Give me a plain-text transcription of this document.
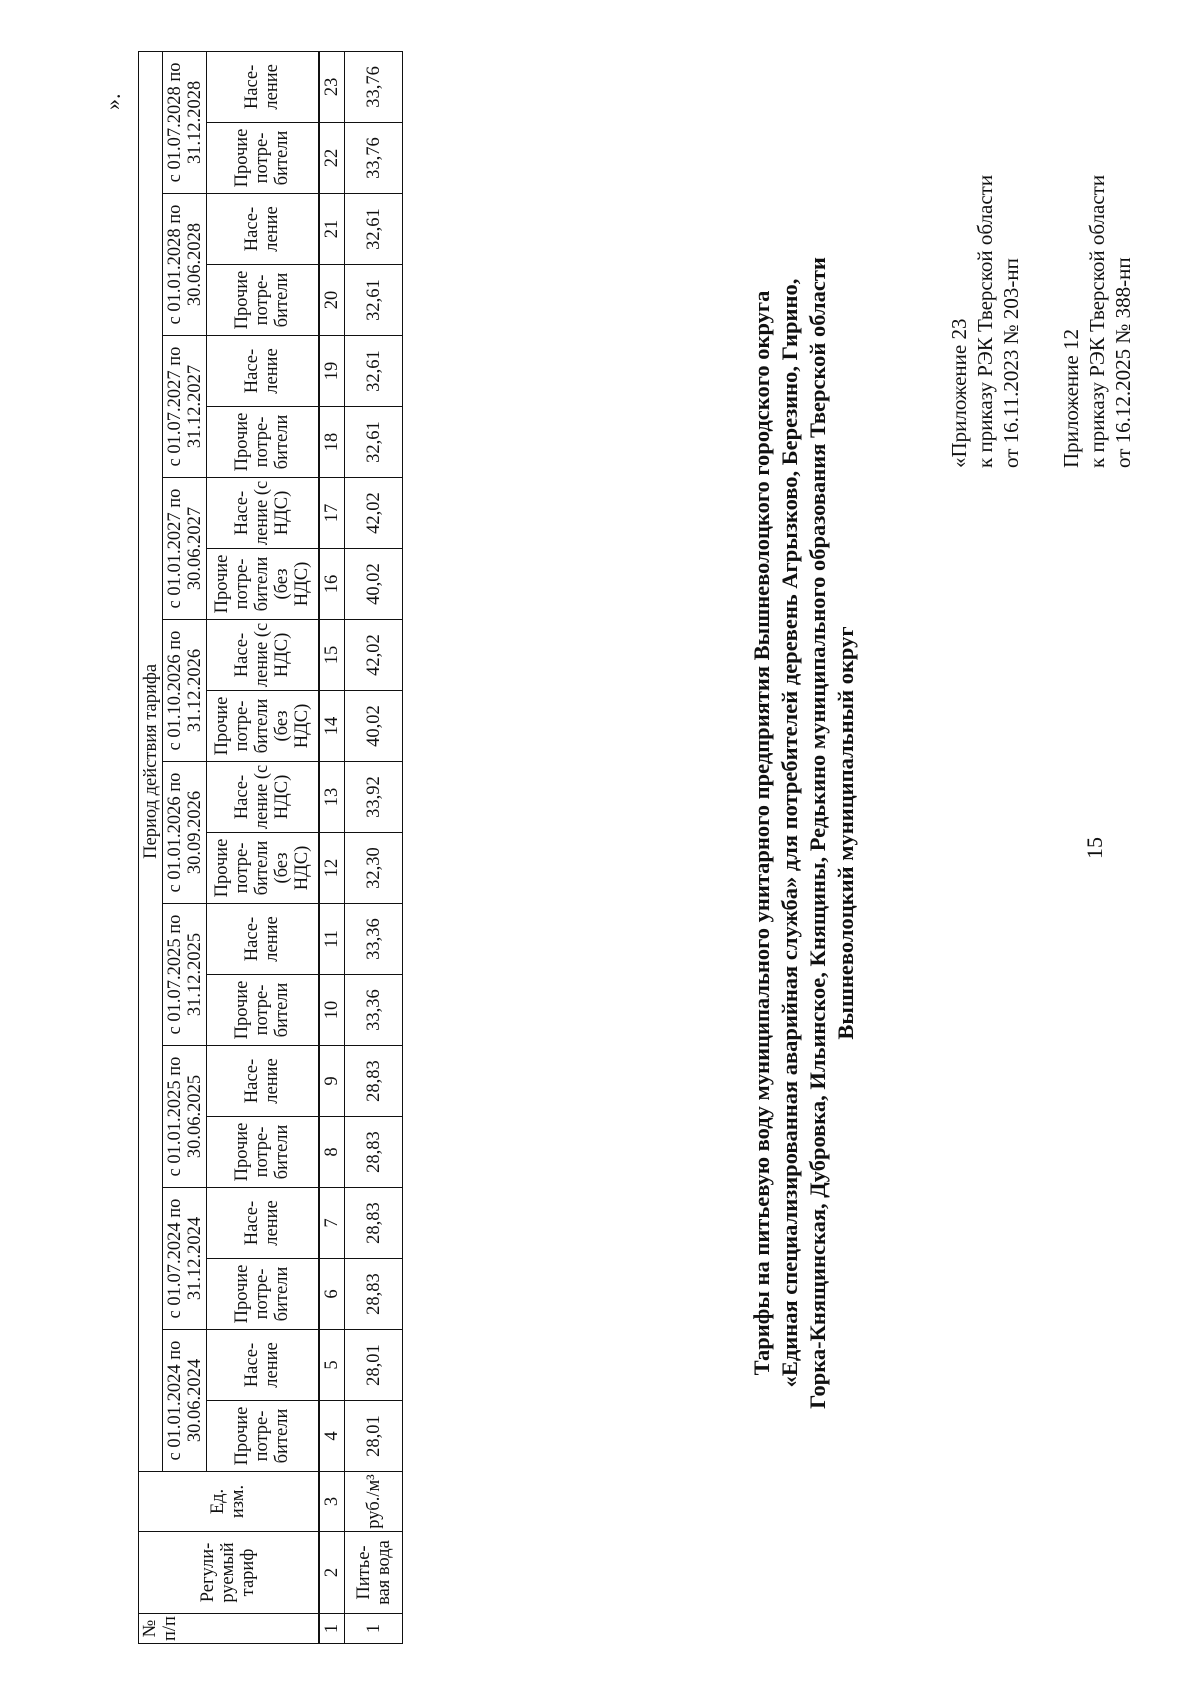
15
Приложение 12 к приказу РЭК Тверской области от 16.12.2025 № 388-нп
«Приложение 23 к приказу РЭК Тверской области от 16.11.2023 № 203-нп
Тарифы на питьевую воду муниципального унитарного предприятия Вышневолоцкого городского округа «Единая специализированная аварийная служба» для потребителей деревень Агрызково, Березино, Гирино, Горка-Княщинская, Дубровка, Ильинское, Княщины, Редькино муниципального образования Тверской области Вышневолоцкий муниципальный округ
№ п/п	Регули-руемый тариф	Ед. изм.	Период действия тарифа																			
			с 01.01.2024 по 30.06.2024		с 01.07.2024 по 31.12.2024		с 01.01.2025 по 30.06.2025		с 01.07.2025 по 31.12.2025		с 01.01.2026 по 30.09.2026		с 01.10.2026 по 31.12.2026		с 01.01.2027 по 30.06.2027		с 01.07.2027 по 31.12.2027		с 01.01.2028 по 30.06.2028		с 01.07.2028 по 31.12.2028	
			Прочие потре-бители	Насе-ление	Прочие потре-бители	Насе-ление	Прочие потре-бители	Насе-ление	Прочие потре-бители	Насе-ление	Прочие потре-бители (без НДС)	Насе-ление (с НДС)	Прочие потре-бители (без НДС)	Насе-ление (с НДС)	Прочие потре-бители (без НДС)	Насе-ление (с НДС)	Прочие потре-бители	Насе-ление	Прочие потре-бители	Насе-ление	Прочие потре-бители	Насе-ление
1	2	3	4	5	6	7	8	9	10	11	12	13	14	15	16	17	18	19	20	21	22	23
1	Питье-вая вода	руб./м³	28,01	28,01	28,83	28,83	28,83	28,83	33,36	33,36	32,30	33,92	40,02	42,02	40,02	42,02	32,61	32,61	32,61	32,61	33,76	33,76
».
